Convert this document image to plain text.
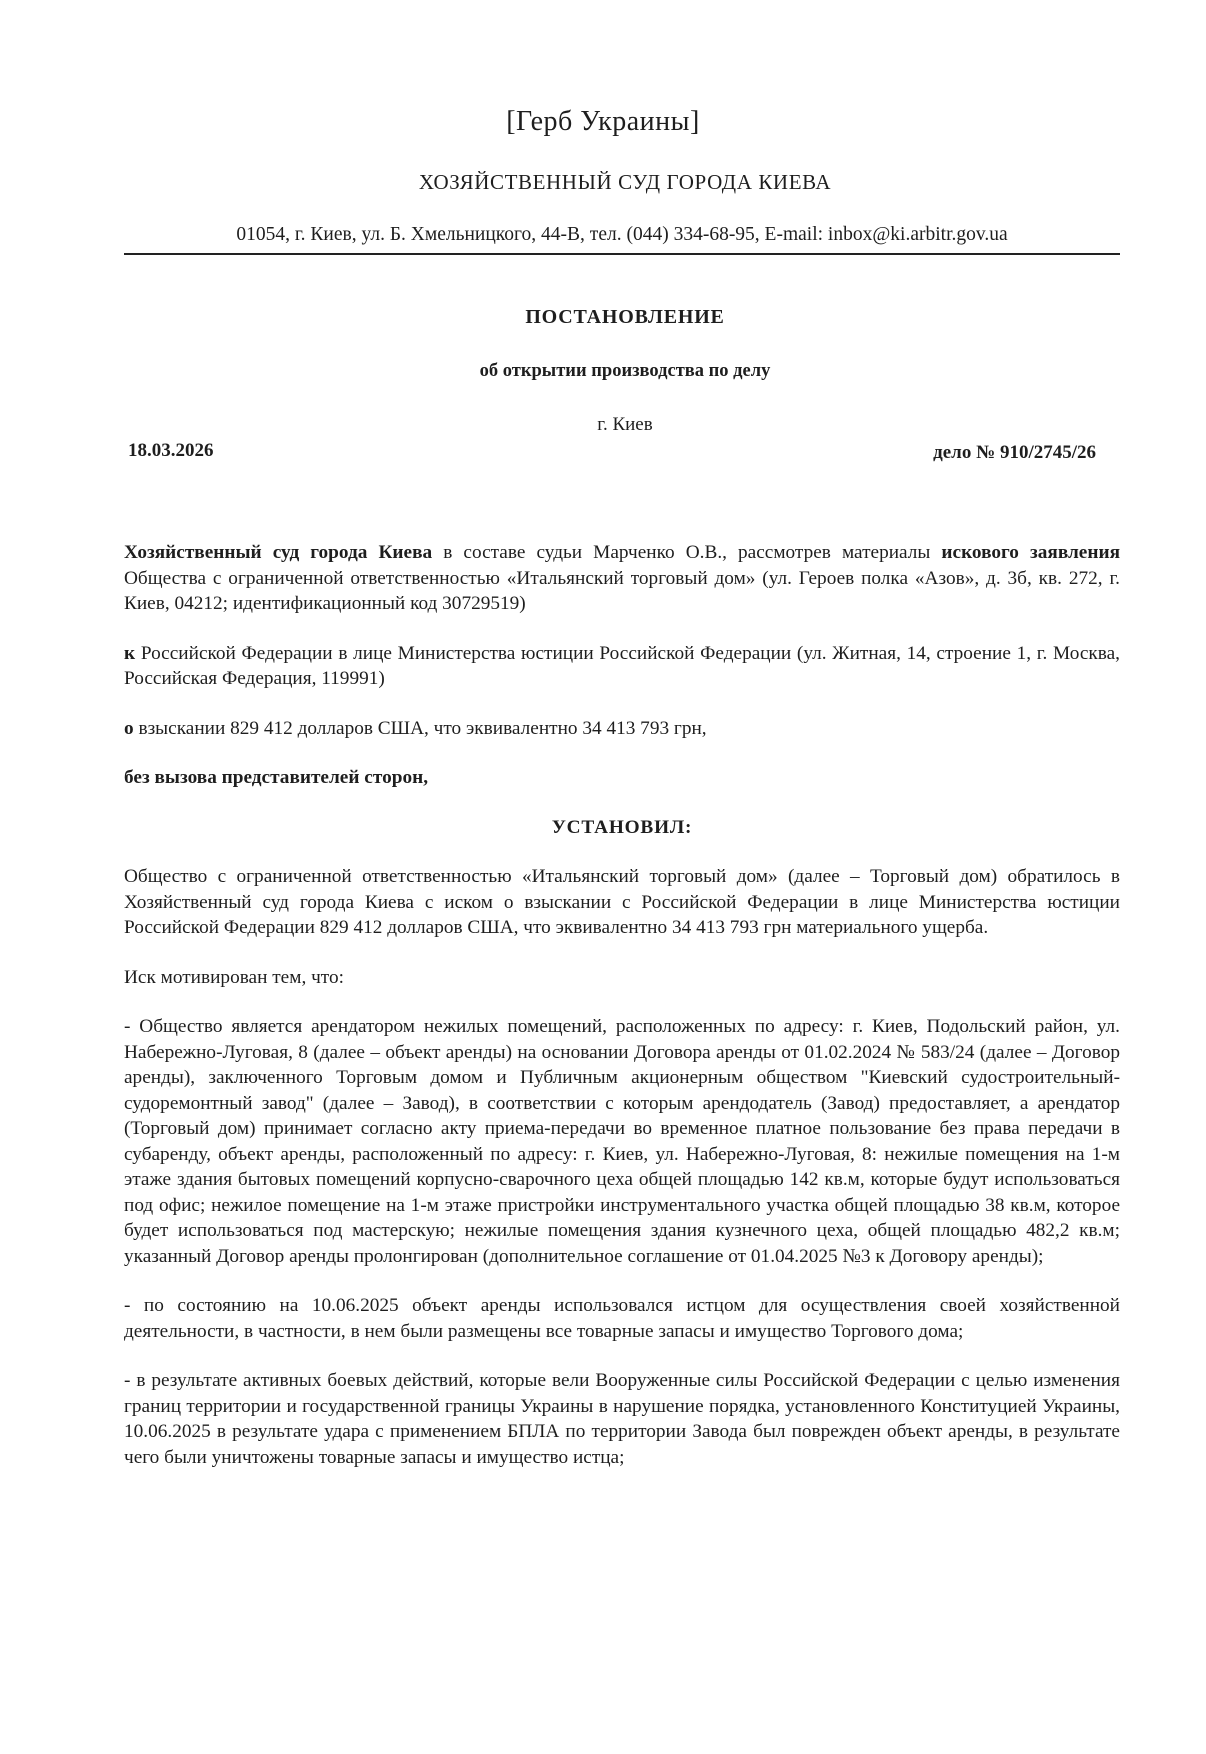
[Герб Украины]
ХОЗЯЙСТВЕННЫЙ СУД ГОРОДА КИЕВА
01054, г. Киев, ул. Б. Хмельницкого, 44-В, тел. (044) 334-68-95, E-mail: inbox@ki.arbitr.gov.ua
ПОСТАНОВЛЕНИЕ
об открытии производства по делу
г. Киев
18.03.2026	дело № 910/2745/26

Хозяйственный суд города Киева в составе судьи Марченко О.В., рассмотрев материалы искового заявления Общества с ограниченной ответственностью «Итальянский торговый дом» (ул. Героев полка «Азов», д. 3б, кв. 272, г. Киев, 04212; идентификационный код 30729519)

к Российской Федерации в лице Министерства юстиции Российской Федерации (ул. Житная, 14, строение 1, г. Москва, Российская Федерация, 119991)

о взыскании 829 412 долларов США, что эквивалентно 34 413 793 грн,

без вызова представителей сторон,

УСТАНОВИЛ:

Общество с ограниченной ответственностью «Итальянский торговый дом» (далее – Торговый дом) обратилось в Хозяйственный суд города Киева с иском о взыскании с Российской Федерации в лице Министерства юстиции Российской Федерации 829 412 долларов США, что эквивалентно 34 413 793 грн материального ущерба.

Иск мотивирован тем, что:

- Общество является арендатором нежилых помещений, расположенных по адресу: г. Киев, Подольский район, ул. Набережно-Луговая, 8 (далее – объект аренды) на основании Договора аренды от 01.02.2024 № 583/24 (далее – Договор аренды), заключенного Торговым домом и Публичным акционерным обществом "Киевский судостроительный-судоремонтный завод" (далее – Завод), в соответствии с которым арендодатель (Завод) предоставляет, а арендатор (Торговый дом) принимает согласно акту приема-передачи во временное платное пользование без права передачи в субаренду, объект аренды, расположенный по адресу: г. Киев, ул. Набережно-Луговая, 8: нежилые помещения на 1-м этаже здания бытовых помещений корпусно-сварочного цеха общей площадью 142 кв.м, которые будут использоваться под офис; нежилое помещение на 1-м этаже пристройки инструментального участка общей площадью 38 кв.м, которое будет использоваться под мастерскую; нежилые помещения здания кузнечного цеха, общей площадью 482,2 кв.м; указанный Договор аренды пролонгирован (дополнительное соглашение от 01.04.2025 №3 к Договору аренды);

- по состоянию на 10.06.2025 объект аренды использовался истцом для осуществления своей хозяйственной деятельности, в частности, в нем были размещены все товарные запасы и имущество Торгового дома;

- в результате активных боевых действий, которые вели Вооруженные силы Российской Федерации с целью изменения границ территории и государственной границы Украины в нарушение порядка, установленного Конституцией Украины, 10.06.2025 в результате удара с применением БПЛА по территории Завода был поврежден объект аренды, в результате чего были уничтожены товарные запасы и имущество истца;
